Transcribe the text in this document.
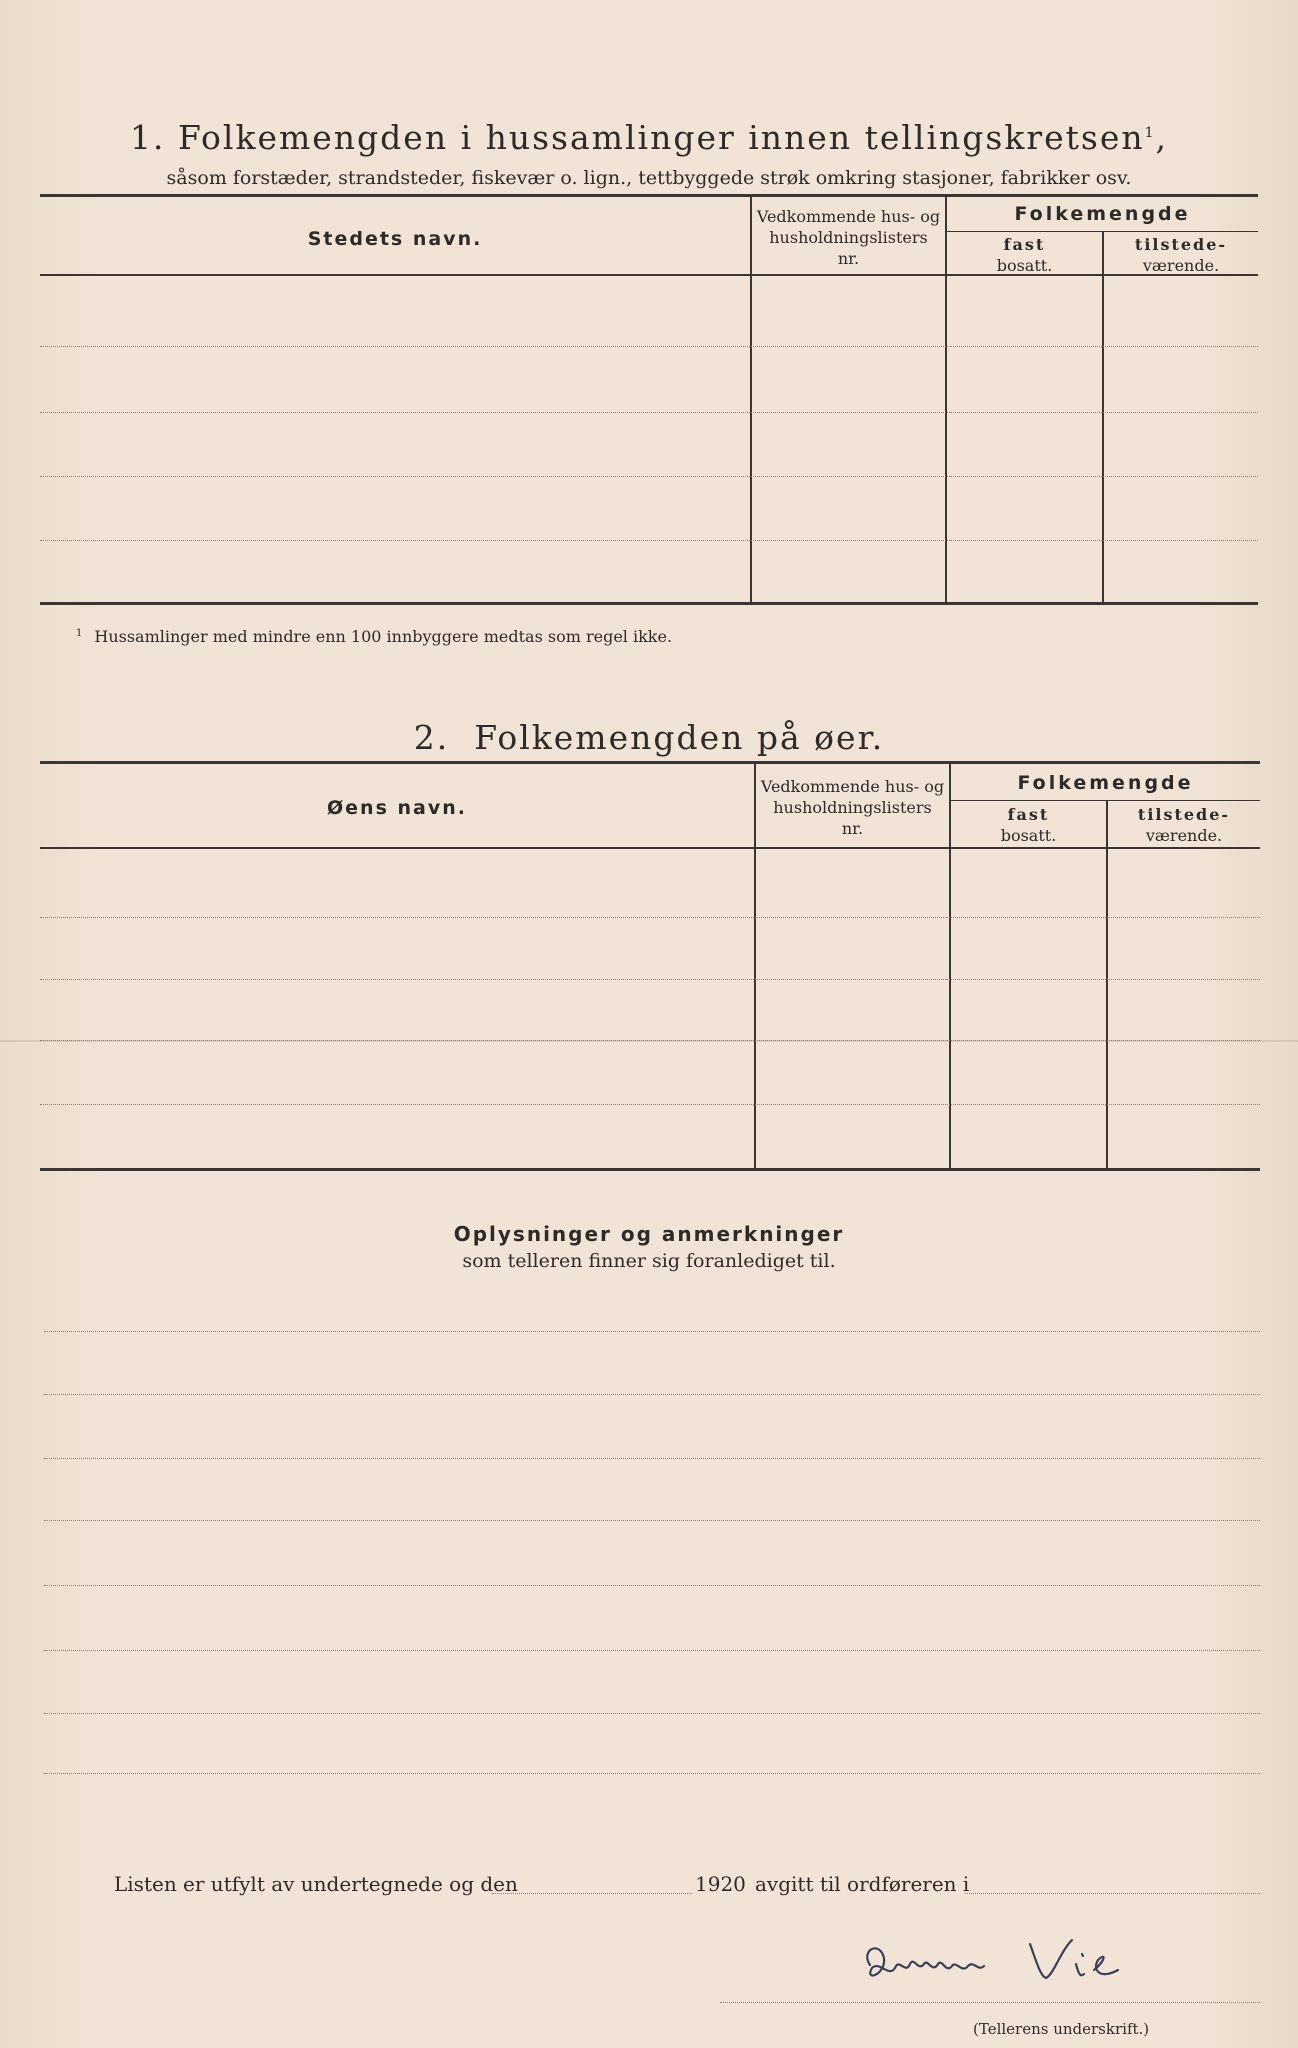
1. Folkemengden i hussamlinger innen tellingskretsen$^1$,
såsom forstæder, strandsteder, fiskevær o. lign., tettbyggede strøk omkring stasjoner, fabrikker osv.
Stedets navn.
Vedkommende hus- og
husholdningslisters
nr.
Folkemengde
fast
bosatt.
tilstede-
værende.
$^1$ Hussamlinger med mindre enn 100 innbyggere medtas som regel ikke.
2. Folkemengden på øer.
Øens navn.
Vedkommende hus- og
husholdningslisters
nr.
Folkemengde
fast
bosatt.
tilstede-
værende.
Oplysninger og anmerkninger
som telleren finner sig foranlediget til.
Listen er utfylt av undertegnede og den	1920 avgitt til ordføreren i
(Tellerens underskrift.)
